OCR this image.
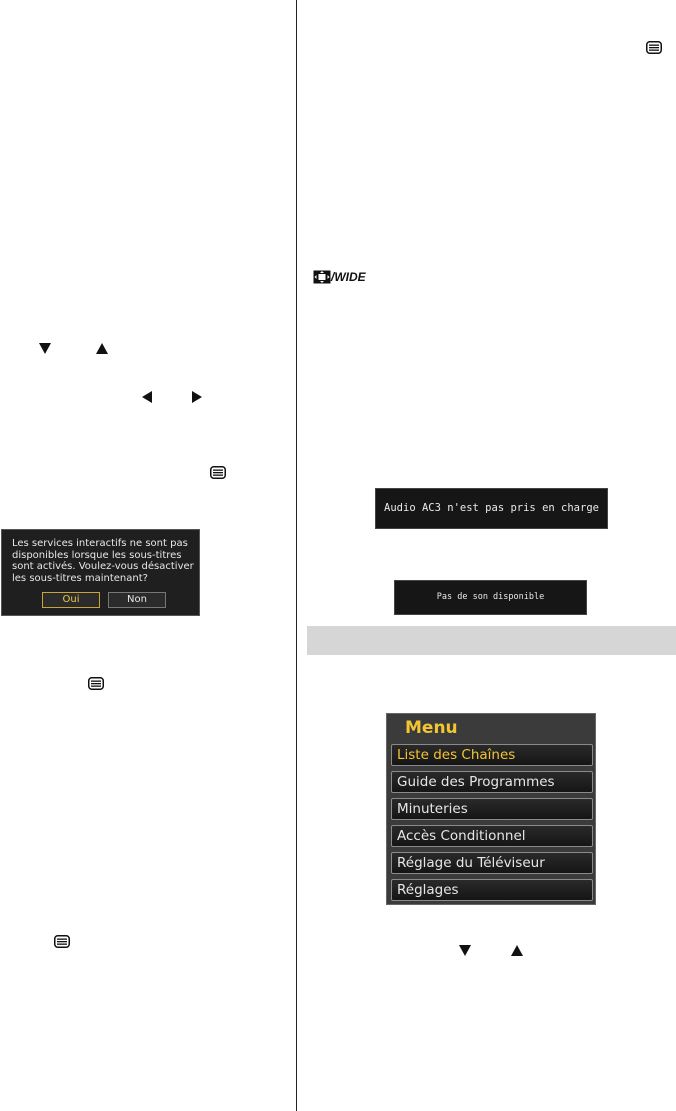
Les services interactifs ne sont pas disponibles lorsque les sous-titres sont activés. Voulez-vous désactiver les sous-titres maintenant?
Oui	Non
/WIDE
Audio AC3 n'est pas pris en charge
Pas de son disponible
Menu
Liste des Chaînes
Guide des Programmes
Minuteries
Accès Conditionnel
Réglage du Téléviseur
Réglages
